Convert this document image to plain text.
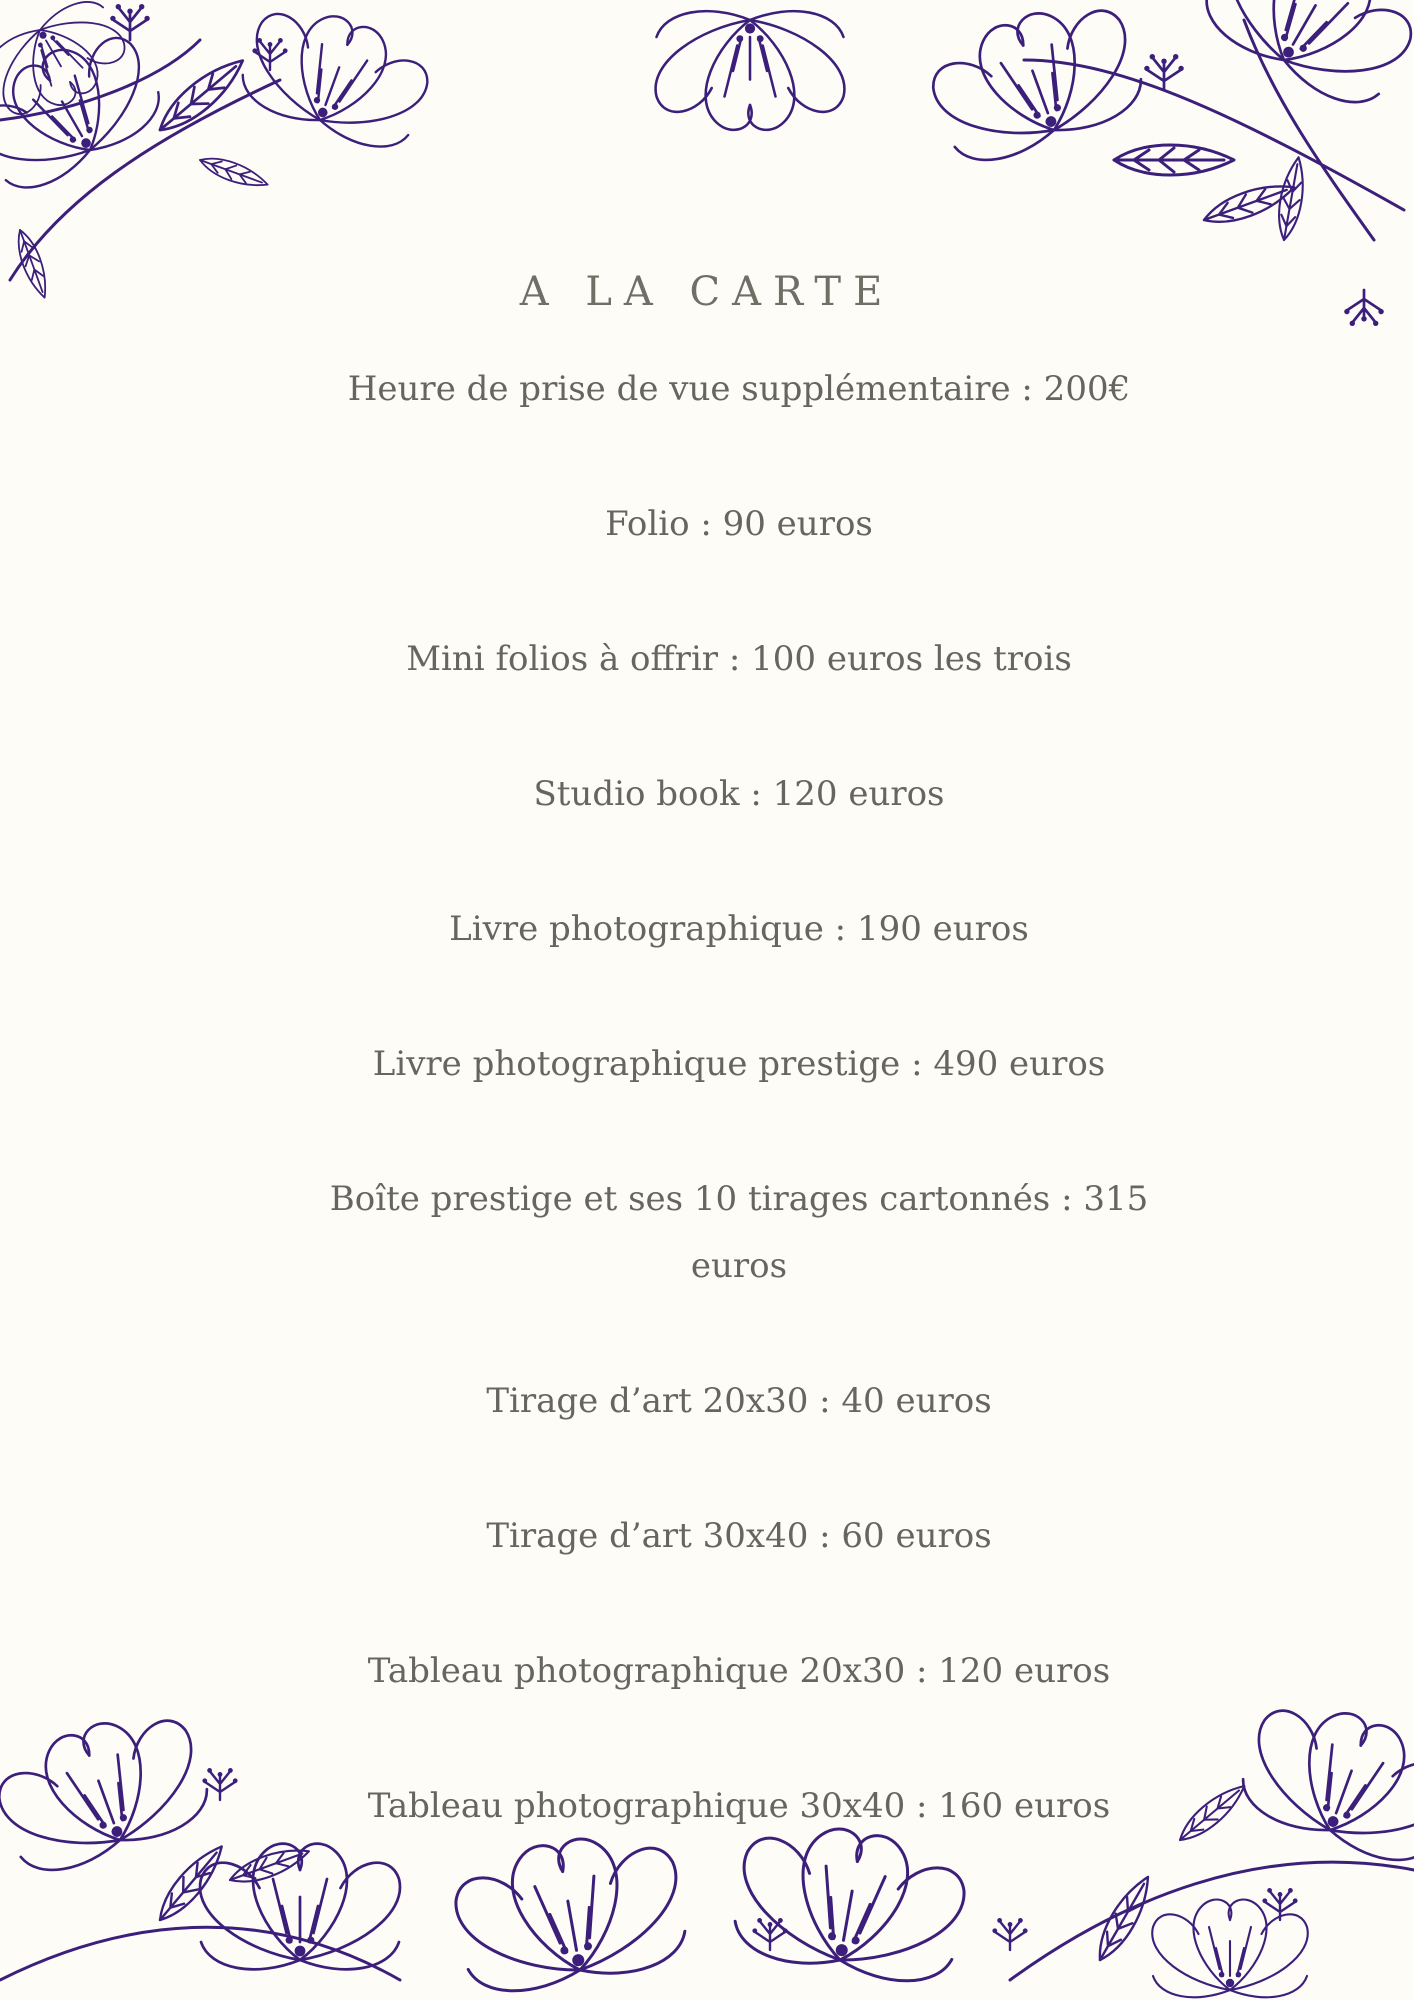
A LA CARTE
Heure de prise de vue supplémentaire : 200€
Folio : 90 euros
Mini folios à offrir : 100 euros les trois
Studio book : 120 euros
Livre photographique : 190 euros
Livre photographique prestige : 490 euros
Boîte prestige et ses 10 tirages cartonnés : 315 euros
Tirage d’art 20x30 : 40 euros
Tirage d’art 30x40 : 60 euros
Tableau photographique 20x30 : 120 euros
Tableau photographique 30x40 : 160 euros
